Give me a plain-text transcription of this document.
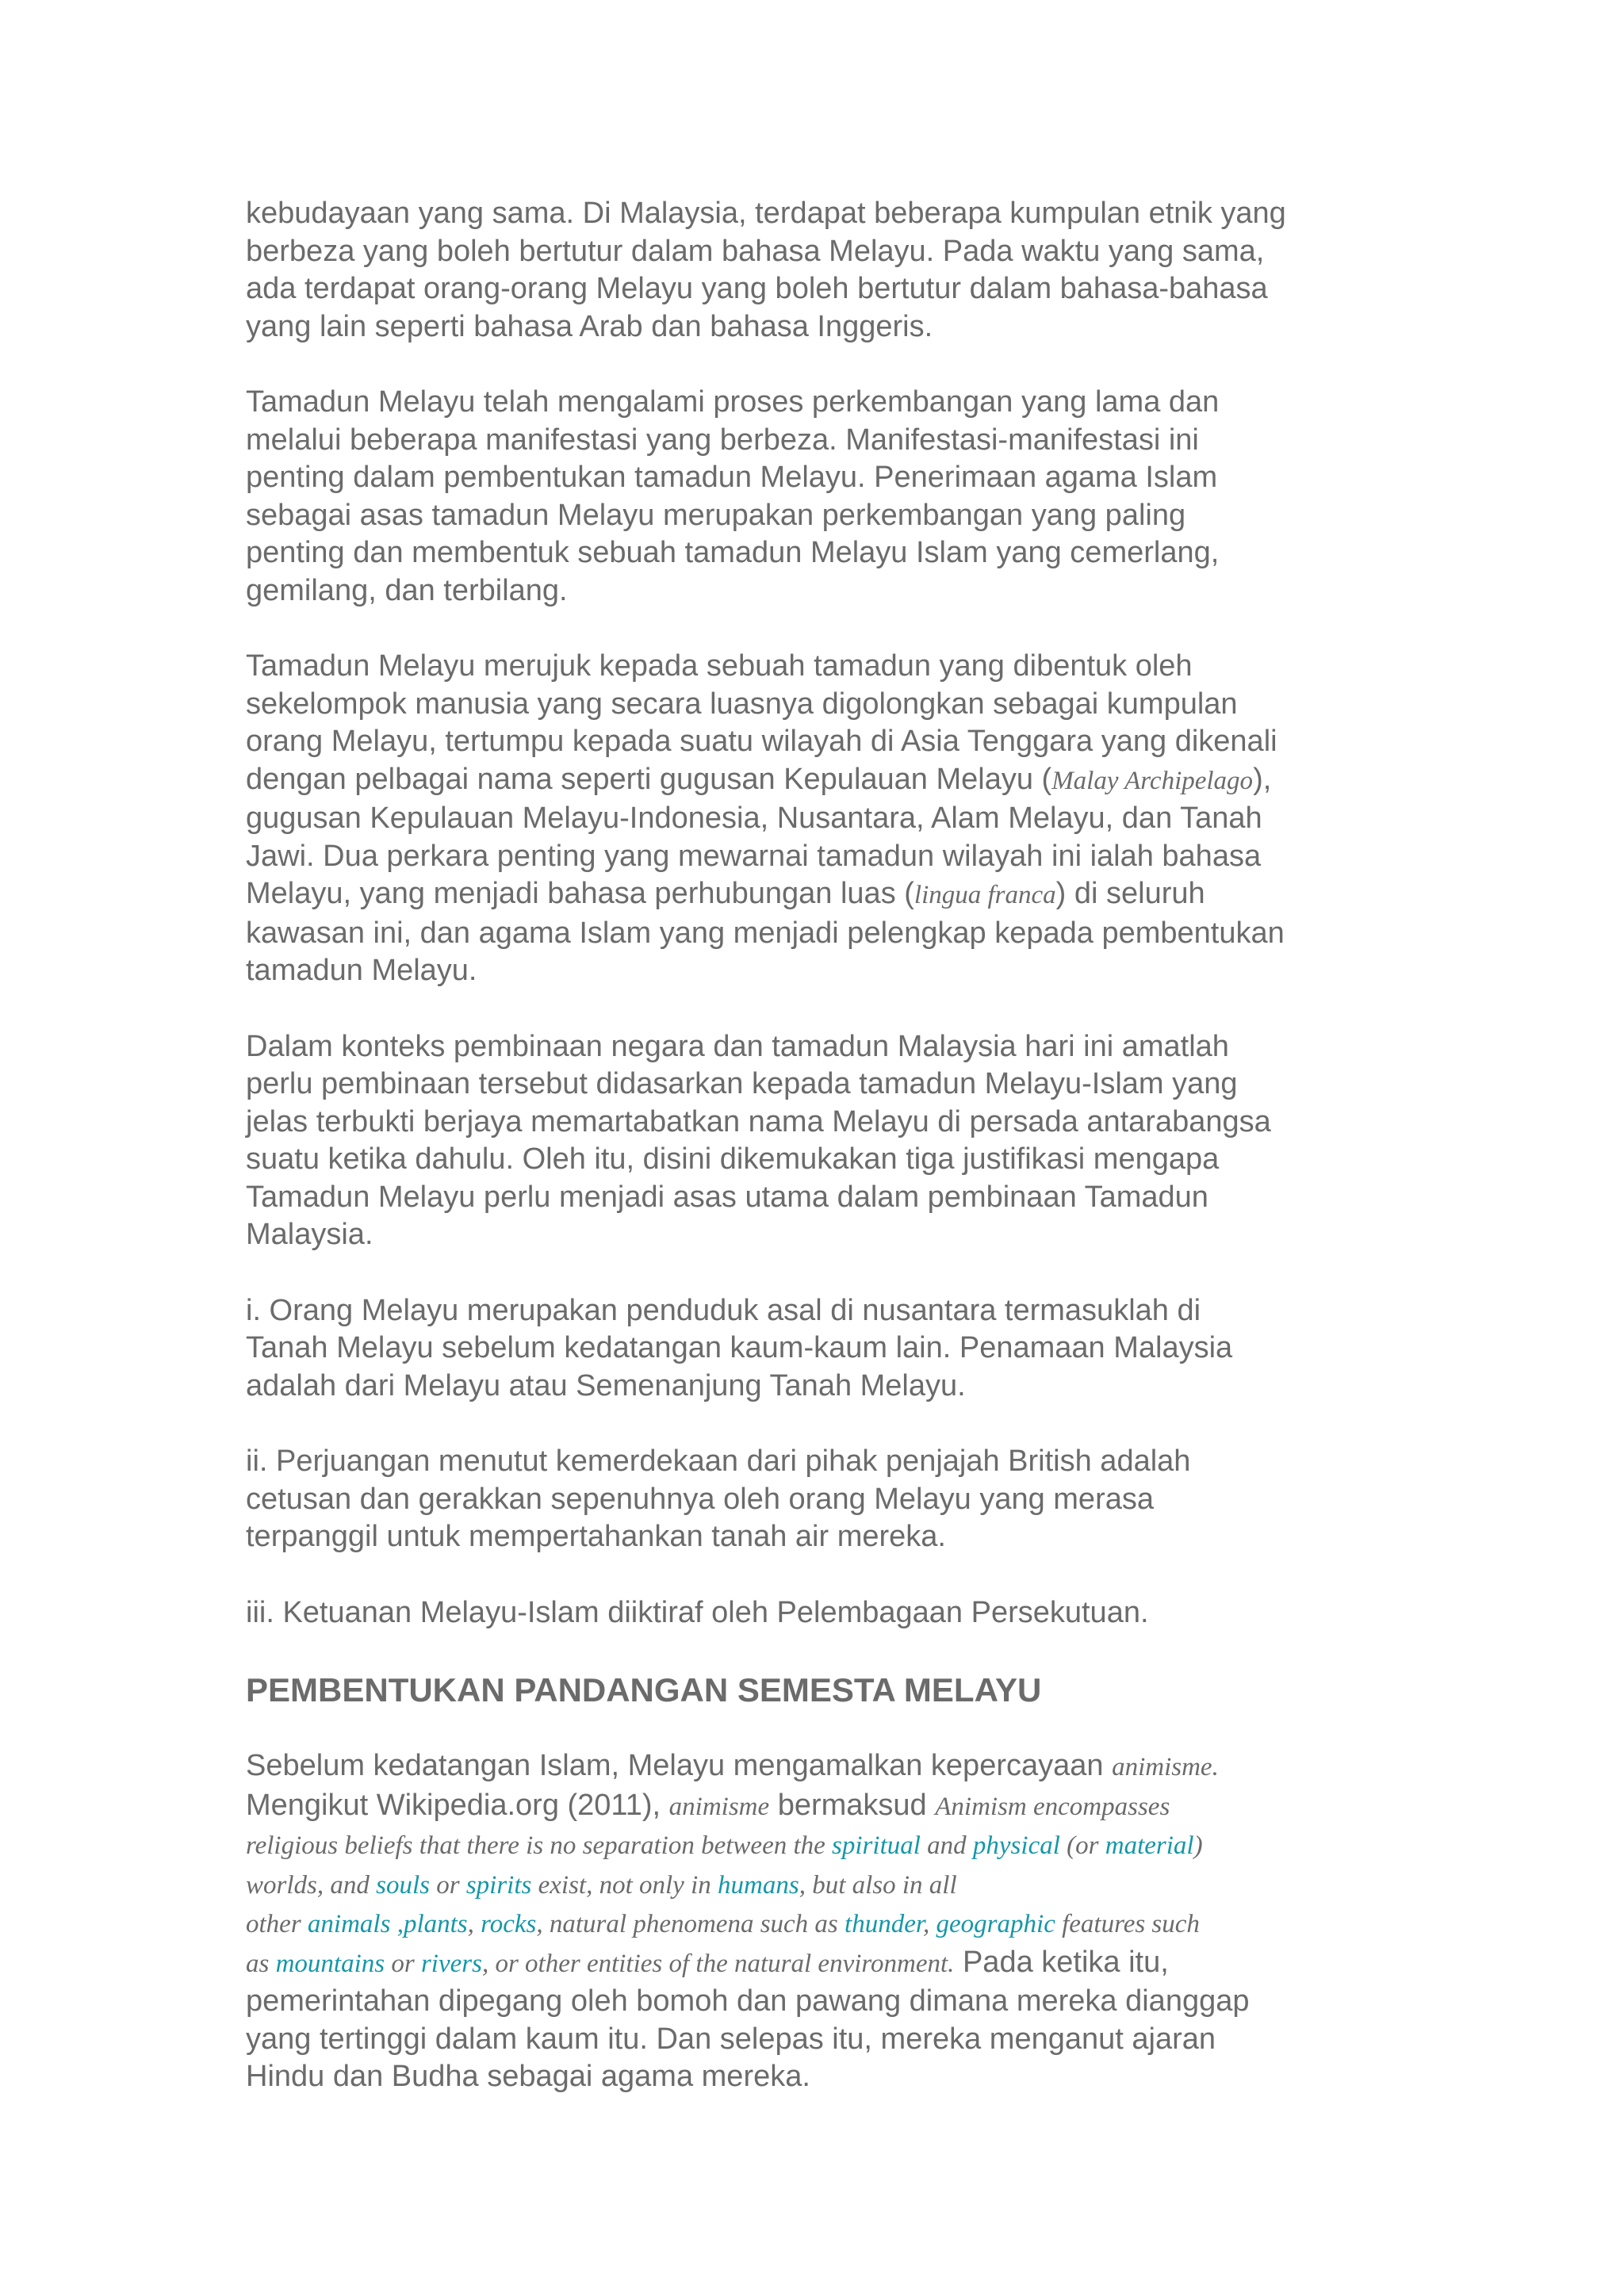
kebudayaan yang sama. Di Malaysia, terdapat beberapa kumpulan etnik yang
berbeza yang boleh bertutur dalam bahasa Melayu. Pada waktu yang sama,
ada terdapat orang-orang Melayu yang boleh bertutur dalam bahasa-bahasa
yang lain seperti bahasa Arab dan bahasa Inggeris.

Tamadun Melayu telah mengalami proses perkembangan yang lama dan
melalui beberapa manifestasi yang berbeza. Manifestasi-manifestasi ini
penting dalam pembentukan tamadun Melayu. Penerimaan agama Islam
sebagai asas tamadun Melayu merupakan perkembangan yang paling
penting dan membentuk sebuah tamadun Melayu Islam yang cemerlang,
gemilang, dan terbilang.

Tamadun Melayu merujuk kepada sebuah tamadun yang dibentuk oleh
sekelompok manusia yang secara luasnya digolongkan sebagai kumpulan
orang Melayu, tertumpu kepada suatu wilayah di Asia Tenggara yang dikenali
dengan pelbagai nama seperti gugusan Kepulauan Melayu (Malay Archipelago),
gugusan Kepulauan Melayu-Indonesia, Nusantara, Alam Melayu, dan Tanah
Jawi. Dua perkara penting yang mewarnai tamadun wilayah ini ialah bahasa
Melayu, yang menjadi bahasa perhubungan luas (lingua franca) di seluruh
kawasan ini, dan agama Islam yang menjadi pelengkap kepada pembentukan
tamadun Melayu.

Dalam konteks pembinaan negara dan tamadun Malaysia hari ini amatlah
perlu pembinaan tersebut didasarkan kepada tamadun Melayu-Islam yang
jelas terbukti berjaya memartabatkan nama Melayu di persada antarabangsa
suatu ketika dahulu. Oleh itu, disini dikemukakan tiga justifikasi mengapa
Tamadun Melayu perlu menjadi asas utama dalam pembinaan Tamadun
Malaysia.

i. Orang Melayu merupakan penduduk asal di nusantara termasuklah di
Tanah Melayu sebelum kedatangan kaum-kaum lain. Penamaan Malaysia
adalah dari Melayu atau Semenanjung Tanah Melayu.

ii. Perjuangan menutut kemerdekaan dari pihak penjajah British adalah
cetusan dan gerakkan sepenuhnya oleh orang Melayu yang merasa
terpanggil untuk mempertahankan tanah air mereka.

iii. Ketuanan Melayu-Islam diiktiraf oleh Pelembagaan Persekutuan.

PEMBENTUKAN PANDANGAN SEMESTA MELAYU
Sebelum kedatangan Islam, Melayu mengamalkan kepercayaan animisme.
Mengikut Wikipedia.org (2011), animisme bermaksud Animism encompasses
religious beliefs that there is no separation between the spiritual and physical (or material)
worlds, and souls or spirits exist, not only in humans, but also in all
other animals ,plants, rocks, natural phenomena such as thunder, geographic features such
as mountains or rivers, or other entities of the natural environment. Pada ketika itu,
pemerintahan dipegang oleh bomoh dan pawang dimana mereka dianggap
yang tertinggi dalam kaum itu. Dan selepas itu, mereka menganut ajaran
Hindu dan Budha sebagai agama mereka.
